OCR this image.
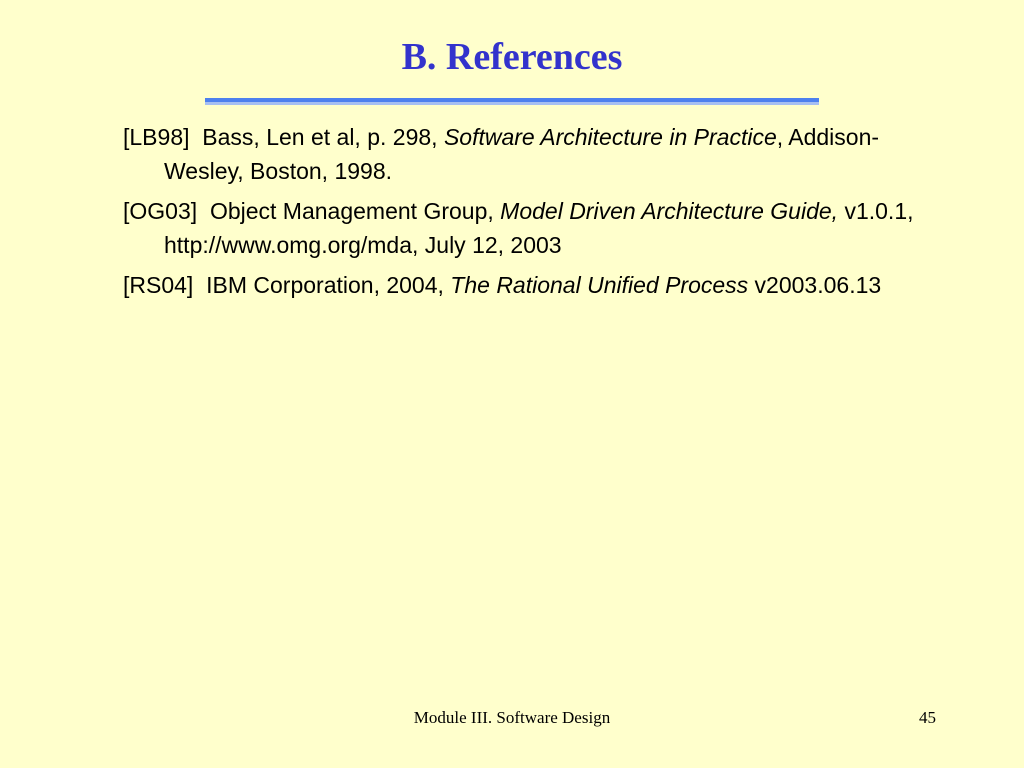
B. References

[LB98] Bass, Len et al, p. 298, Software Architecture in Practice, Addison-Wesley, Boston, 1998.

[OG03] Object Management Group, Model Driven Architecture Guide, v1.0.1, http://www.omg.org/mda, July 12, 2003

[RS04] IBM Corporation, 2004, The Rational Unified Process v2003.06.13

Module III. Software Design	45
